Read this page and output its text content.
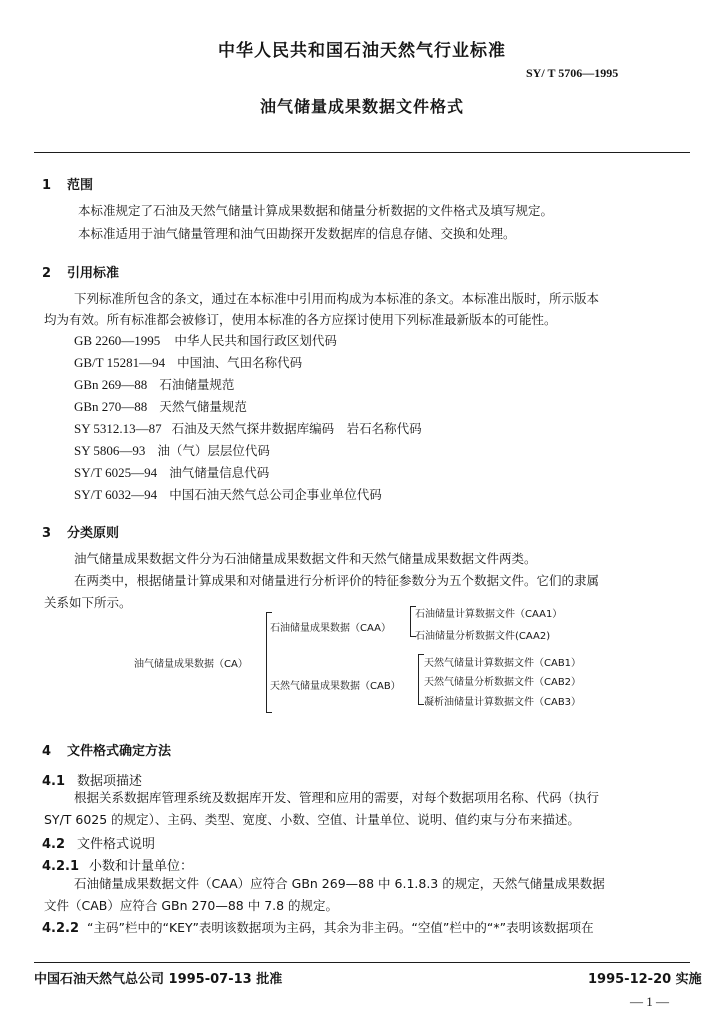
中华人民共和国石油天然气行业标准
SY/ T 5706—1995
油气储量成果数据文件格式
1 范围
本标准规定了石油及天然气储量计算成果数据和储量分析数据的文件格式及填写规定。
本标准适用于油气储量管理和油气田勘探开发数据库的信息存储、交换和处理。
2 引用标准
下列标准所包含的条文，通过在本标准中引用而构成为本标准的条文。本标准出版时，所示版本
均为有效。所有标准都会被修订，使用本标准的各方应探讨使用下列标准最新版本的可能性。
GB 2260—1995 中华人民共和国行政区划代码
GB/T 15281—94 中国油、气田名称代码
GBn 269—88 石油储量规范
GBn 270—88 天然气储量规范
SY 5312.13—87 石油及天然气探井数据库编码　岩石名称代码
SY 5806—93 油（气）层层位代码
SY/T 6025—94 油气储量信息代码
SY/T 6032—94 中国石油天然气总公司企事业单位代码
3 分类原则
油气储量成果数据文件分为石油储量成果数据文件和天然气储量成果数据文件两类。
在两类中，根据储量计算成果和对储量进行分析评价的特征参数分为五个数据文件。它们的隶属
关系如下所示。
油气储量成果数据（CA）
石油储量成果数据（CAA）
石油储量计算数据文件（CAA1）
石油储量分析数据文件(CAA2)
天然气储量成果数据（CAB）
天然气储量计算数据文件（CAB1）
天然气储量分析数据文件（CAB2）
凝析油储量计算数据文件（CAB3）
4 文件格式确定方法
4.1 数据项描述
根据关系数据库管理系统及数据库开发、管理和应用的需要，对每个数据项用名称、代码（执行
SY/T 6025 的规定）、主码、类型、宽度、小数、空值、计量单位、说明、值约束与分布来描述。
4.2 文件格式说明
4.2.1 小数和计量单位：
石油储量成果数据文件（CAA）应符合 GBn 269—88 中 6.1.8.3 的规定，天然气储量成果数据
文件（CAB）应符合 GBn 270—88 中 7.8 的规定。
4.2.2 “主码”栏中的“KEY”表明该数据项为主码，其余为非主码。“空值”栏中的“*”表明该数据项在
中国石油天然气总公司 1995-07-13 批准	1995-12-20 实施
— 1 —
